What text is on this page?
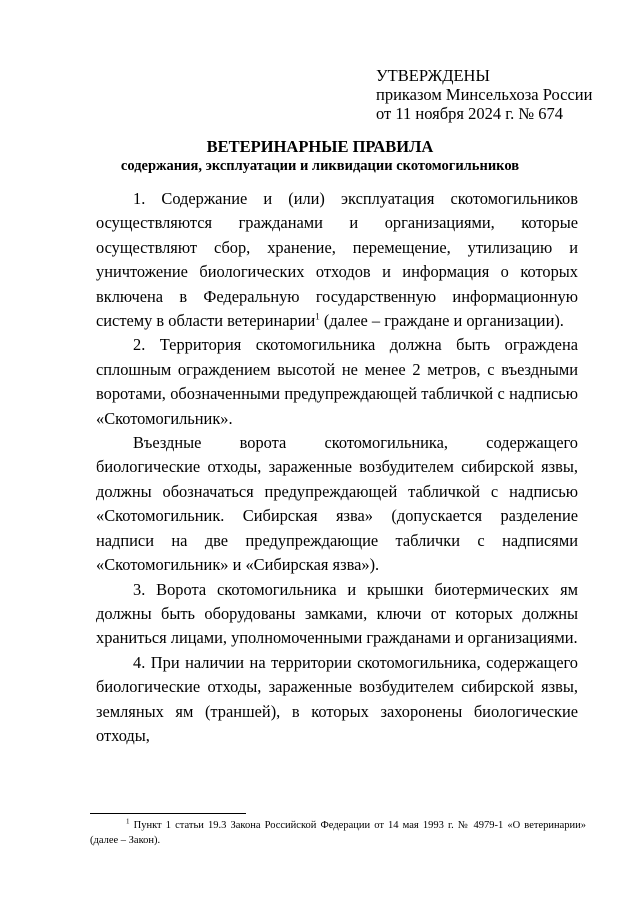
УТВЕРЖДЕНЫ
приказом Минсельхоза России
от 11 ноября 2024 г. № 674
ВЕТЕРИНАРНЫЕ ПРАВИЛА
содержания, эксплуатации и ликвидации скотомогильников

1. Содержание и (или) эксплуатация скотомогильников осуществляются гражданами и организациями, которые осуществляют сбор, хранение, перемещение, утилизацию и уничтожение биологических отходов и информация о которых включена в Федеральную государственную информационную систему в области ветеринарии$^1$ (далее – граждане и организации).

2. Территория скотомогильника должна быть ограждена сплошным ограждением высотой не менее 2 метров, с въездными воротами, обозначенными предупреждающей табличкой с надписью «Скотомогильник».

Въездные ворота скотомогильника, содержащего биологические отходы, зараженные возбудителем сибирской язвы, должны обозначаться предупреждающей табличкой с надписью «Скотомогильник. Сибирская язва» (допускается разделение надписи на две предупреждающие таблички с надписями «Скотомогильник» и «Сибирская язва»).

3. Ворота скотомогильника и крышки биотермических ям должны быть оборудованы замками, ключи от которых должны храниться лицами, уполномоченными гражданами и организациями.

4. При наличии на территории скотомогильника, содержащего биологические отходы, зараженные возбудителем сибирской язвы, земляных ям (траншей), в которых захоронены биологические отходы,

$^1$ Пункт 1 статьи 19.3 Закона Российской Федерации от 14 мая 1993 г. № 4979-1 «О ветеринарии» (далее – Закон).
